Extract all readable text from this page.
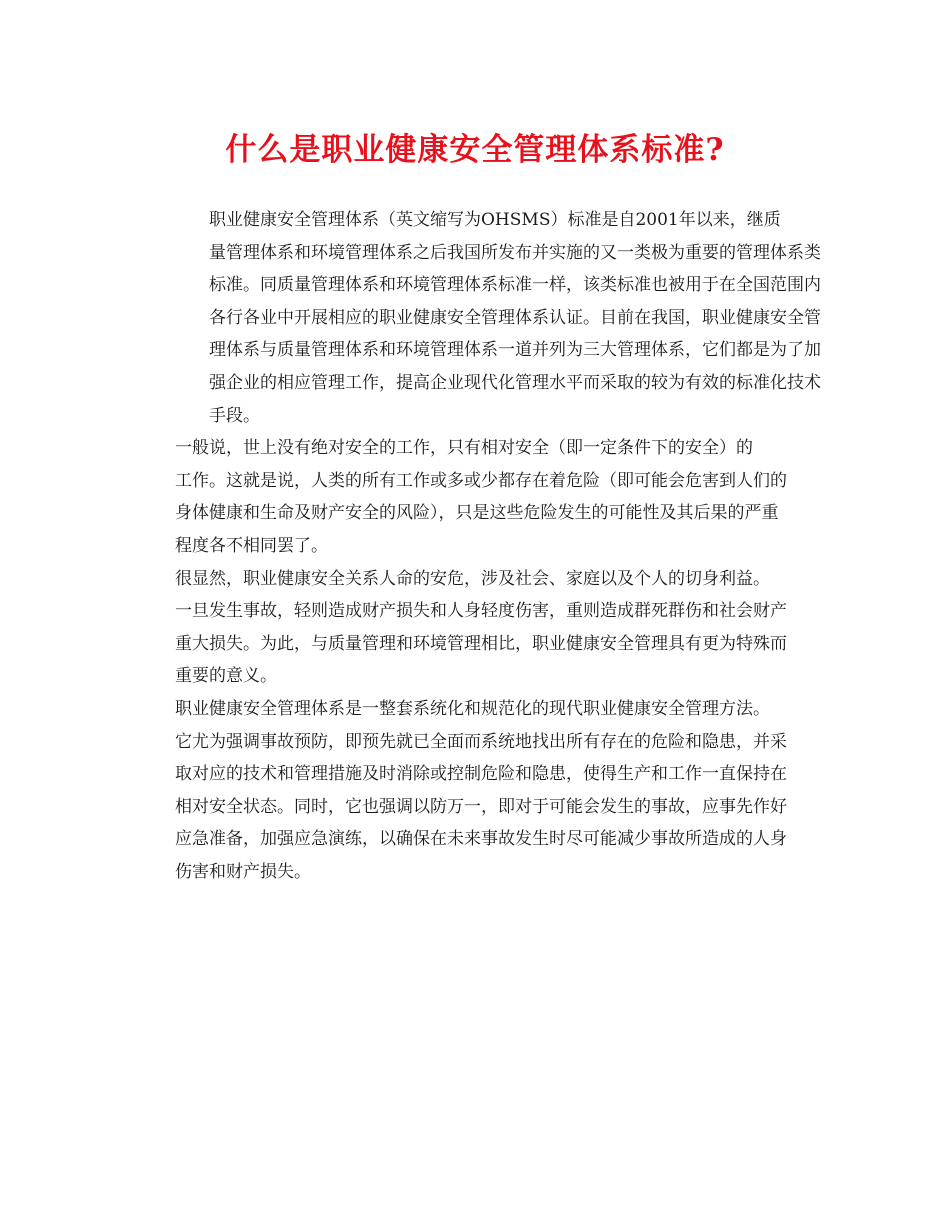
什么是职业健康安全管理体系标准?

职业健康安全管理体系（英文缩写为OHSMS）标准是自2001年以来，继质
量管理体系和环境管理体系之后我国所发布并实施的又一类极为重要的管理体系类
标准。同质量管理体系和环境管理体系标准一样，该类标准也被用于在全国范围内
各行各业中开展相应的职业健康安全管理体系认证。目前在我国，职业健康安全管
理体系与质量管理体系和环境管理体系一道并列为三大管理体系，它们都是为了加
强企业的相应管理工作，提高企业现代化管理水平而采取的较为有效的标准化技术
手段。

一般说，世上没有绝对安全的工作，只有相对安全（即一定条件下的安全）的
工作。这就是说，人类的所有工作或多或少都存在着危险（即可能会危害到人们的
身体健康和生命及财产安全的风险），只是这些危险发生的可能性及其后果的严重
程度各不相同罢了。

很显然，职业健康安全关系人命的安危，涉及社会、家庭以及个人的切身利益。
一旦发生事故，轻则造成财产损失和人身轻度伤害，重则造成群死群伤和社会财产
重大损失。为此，与质量管理和环境管理相比，职业健康安全管理具有更为特殊而
重要的意义。

职业健康安全管理体系是一整套系统化和规范化的现代职业健康安全管理方法。
它尤为强调事故预防，即预先就已全面而系统地找出所有存在的危险和隐患，并采
取对应的技术和管理措施及时消除或控制危险和隐患，使得生产和工作一直保持在
相对安全状态。同时，它也强调以防万一，即对于可能会发生的事故，应事先作好
应急准备，加强应急演练，以确保在未来事故发生时尽可能减少事故所造成的人身
伤害和财产损失。
